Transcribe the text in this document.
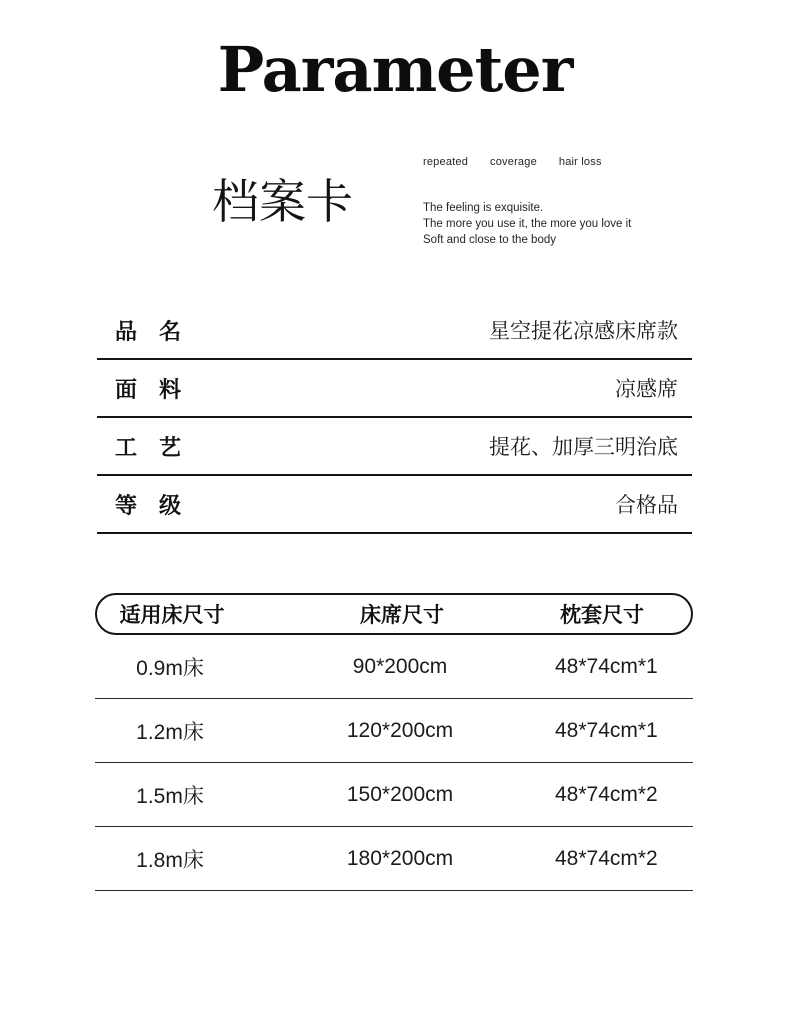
Parameter
档案卡
repeated coverage hair loss
The feeling is exquisite.
The more you use it, the more you love it
Soft and close to the body
品　名	星空提花凉感床席款
面　料	凉感席
工　艺	提花、加厚三明治底
等　级	合格品
适用床尺寸	床席尺寸	枕套尺寸
0.9m床	90*200cm	48*74cm*1
1.2m床	120*200cm	48*74cm*1
1.5m床	150*200cm	48*74cm*2
1.8m床	180*200cm	48*74cm*2
